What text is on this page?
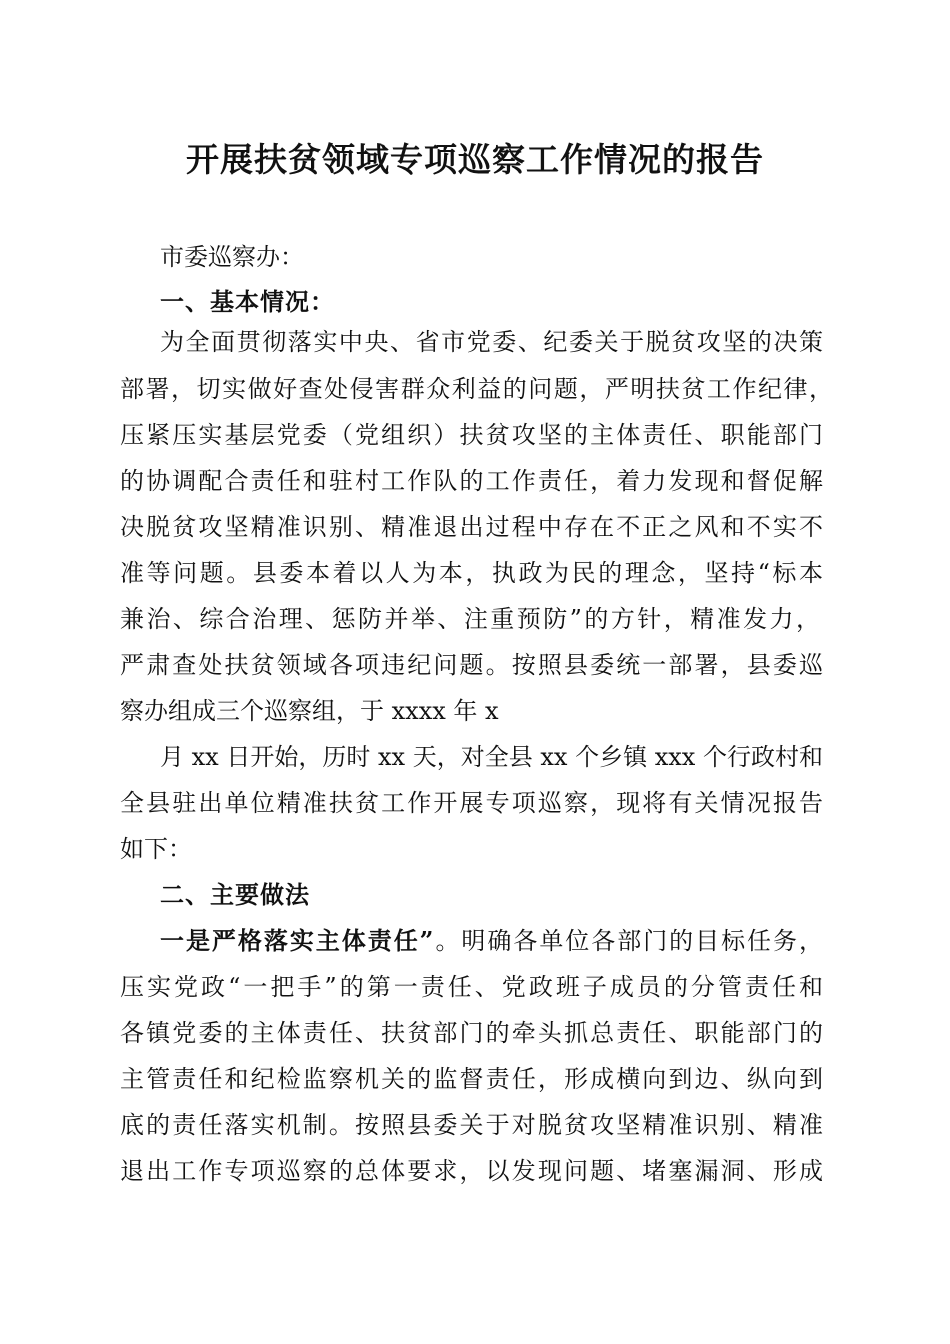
开展扶贫领域专项巡察工作情况的报告
市委巡察办：
一、基本情况：
为全面贯彻落实中央、省市党委、纪委关于脱贫攻坚的决策
部署，切实做好查处侵害群众利益的问题，严明扶贫工作纪律，
压紧压实基层党委（党组织）扶贫攻坚的主体责任、职能部门
的协调配合责任和驻村工作队的工作责任，着力发现和督促解
决脱贫攻坚精准识别、精准退出过程中存在不正之风和不实不
准等问题。县委本着以人为本，执政为民的理念，坚持“标本
兼治、综合治理、惩防并举、注重预防”的方针，精准发力，
严肃查处扶贫领域各项违纪问题。按照县委统一部署，县委巡
察办组成三个巡察组，于 xxxx 年 x
月 xx 日开始，历时 xx 天，对全县 xx 个乡镇 xxx 个行政村和
全县驻出单位精准扶贫工作开展专项巡察，现将有关情况报告
如下：
二、主要做法
一是严格落实主体责任”。明确各单位各部门的目标任务，
压实党政“一把手”的第一责任、党政班子成员的分管责任和
各镇党委的主体责任、扶贫部门的牵头抓总责任、职能部门的
主管责任和纪检监察机关的监督责任，形成横向到边、纵向到
底的责任落实机制。按照县委关于对脱贫攻坚精准识别、精准
退出工作专项巡察的总体要求，以发现问题、堵塞漏洞、形成
